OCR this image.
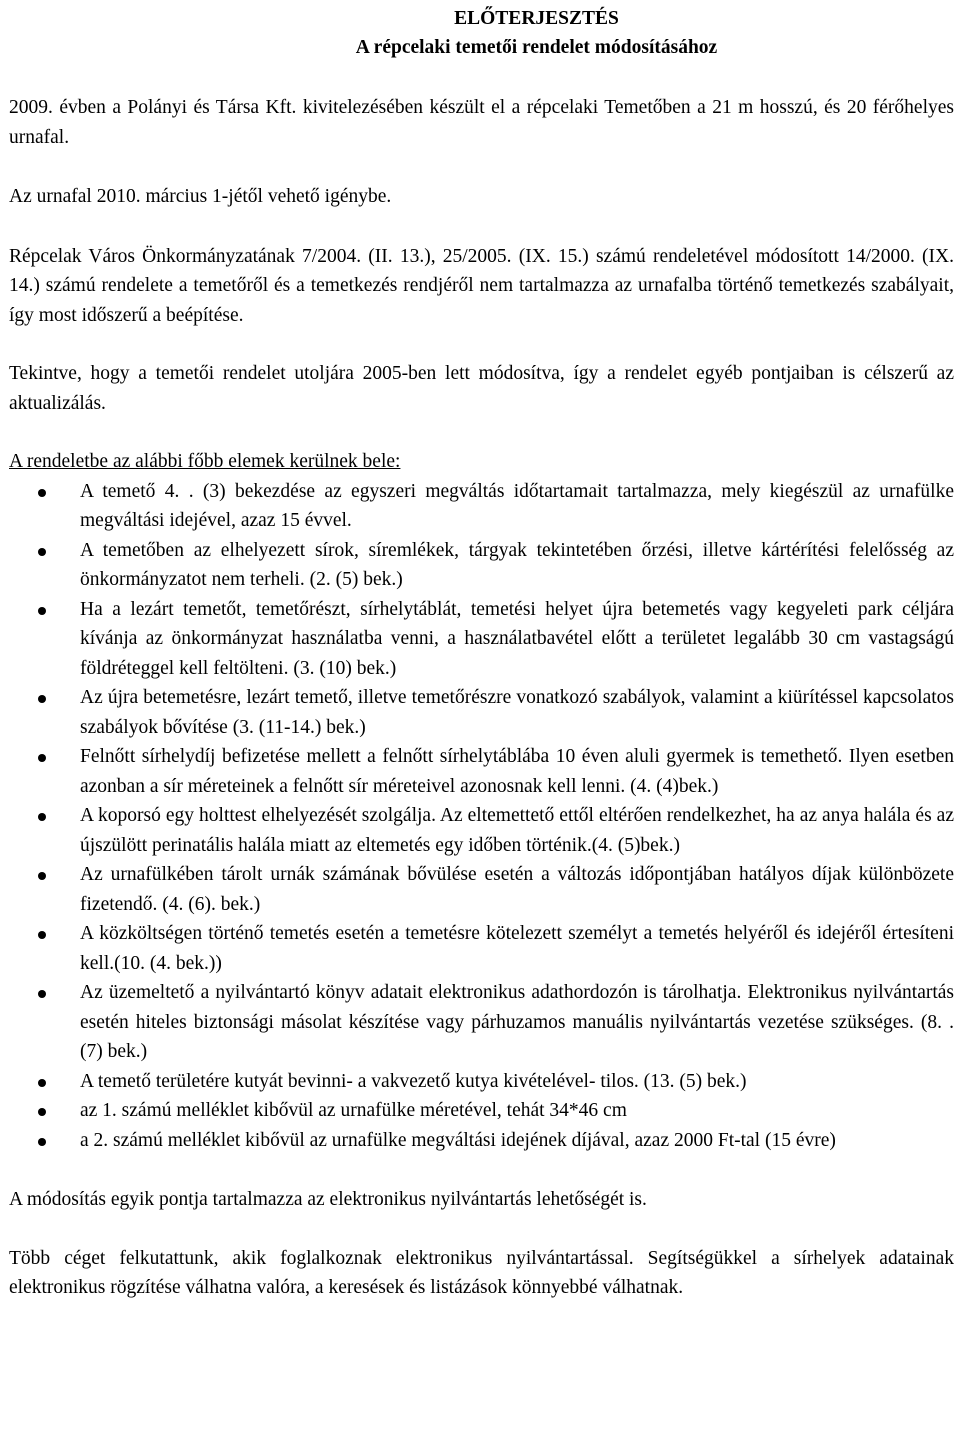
ELŐTERJESZTÉS
A répcelaki temetői rendelet módosításához

2009. évben a Polányi és Társa Kft. kivitelezésében készült el a répcelaki Temetőben a 21 m hosszú, és 20 férőhelyes urnafal.

Az urnafal 2010. március 1-jétől vehető igénybe.

Répcelak Város Önkormányzatának 7/2004. (II. 13.), 25/2005. (IX. 15.) számú rendeletével módosított 14/2000. (IX. 14.) számú rendelete a temetőről és a temetkezés rendjéről nem tartalmazza az urnafalba történő temetkezés szabályait, így most időszerű a beépítése.

Tekintve, hogy a temetői rendelet utoljára 2005-ben lett módosítva, így a rendelet egyéb pontjaiban is célszerű az aktualizálás.

A rendeletbe az alábbi főbb elemek kerülnek bele:
A temető 4. . (3) bekezdése az egyszeri megváltás időtartamait tartalmazza, mely kiegészül az urnafülke megváltási idejével, azaz 15 évvel.
A temetőben az elhelyezett sírok, síremlékek, tárgyak tekintetében őrzési, illetve kártérítési felelősség az önkormányzatot nem terheli. (2. (5) bek.)
Ha a lezárt temetőt, temetőrészt, sírhelytáblát, temetési helyet újra betemetés vagy kegyeleti park céljára kívánja az önkormányzat használatba venni, a használatbavétel előtt a területet legalább 30 cm vastagságú földréteggel kell feltölteni. (3. (10) bek.)
Az újra betemetésre, lezárt temető, illetve temetőrészre vonatkozó szabályok, valamint a kiürítéssel kapcsolatos szabályok bővítése (3. (11-14.) bek.)
Felnőtt sírhelydíj befizetése mellett a felnőtt sírhelytáblába 10 éven aluli gyermek is temethető. Ilyen esetben azonban a sír méreteinek a felnőtt sír méreteivel azonosnak kell lenni. (4. (4)bek.)
A koporsó egy holttest elhelyezését szolgálja. Az eltemettető ettől eltérően rendelkezhet, ha az anya halála és az újszülött perinatális halála miatt az eltemetés egy időben történik.(4. (5)bek.)
Az urnafülkében tárolt urnák számának bővülése esetén a változás időpontjában hatályos díjak különbözete fizetendő. (4. (6). bek.)
A közköltségen történő temetés esetén a temetésre kötelezett személyt a temetés helyéről és idejéről értesíteni kell.(10. (4. bek.))
Az üzemeltető a nyilvántartó könyv adatait elektronikus adathordozón is tárolhatja. Elektronikus nyilvántartás esetén hiteles biztonsági másolat készítése vagy párhuzamos manuális nyilvántartás vezetése szükséges. (8. . (7) bek.)
A temető területére kutyát bevinni- a vakvezető kutya kivételével- tilos. (13. (5) bek.)
az 1. számú melléklet kibővül az urnafülke méretével, tehát 34*46 cm
a 2. számú melléklet kibővül az urnafülke megváltási idejének díjával, azaz 2000 Ft-tal (15 évre)

A módosítás egyik pontja tartalmazza az elektronikus nyilvántartás lehetőségét is.

Több céget felkutattunk, akik foglalkoznak elektronikus nyilvántartással. Segítségükkel a sírhelyek adatainak elektronikus rögzítése válhatna valóra, a keresések és listázások könnyebbé válhatnak.
